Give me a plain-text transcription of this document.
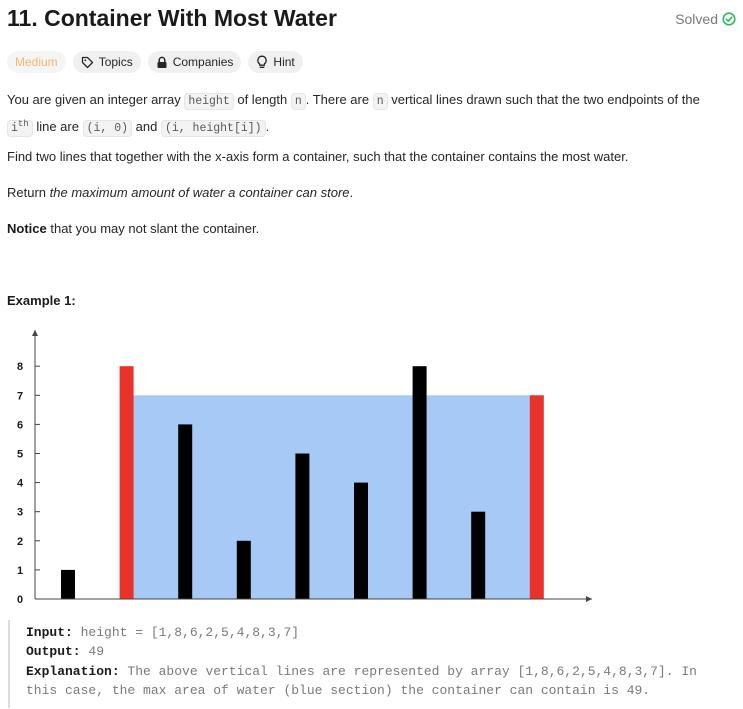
11. Container With Most Water	Solved
Medium	Topics	Companies	Hint
You are given an integer array height of length n . There are n vertical lines drawn such that the two endpoints of the
$i^{th}$ line are (i, 0) and (i, height[i]) .
Find two lines that together with the x-axis form a container, such that the container contains the most water.
Return the maximum amount of water a container can store.
Notice that you may not slant the container.
Example 1:
0
1
2
3
4
5
6
7
8
Input: height = [1,8,6,2,5,4,8,3,7]
Output: 49
Explanation: The above vertical lines are represented by array [1,8,6,2,5,4,8,3,7]. In
this case, the max area of water (blue section) the container can contain is 49.
